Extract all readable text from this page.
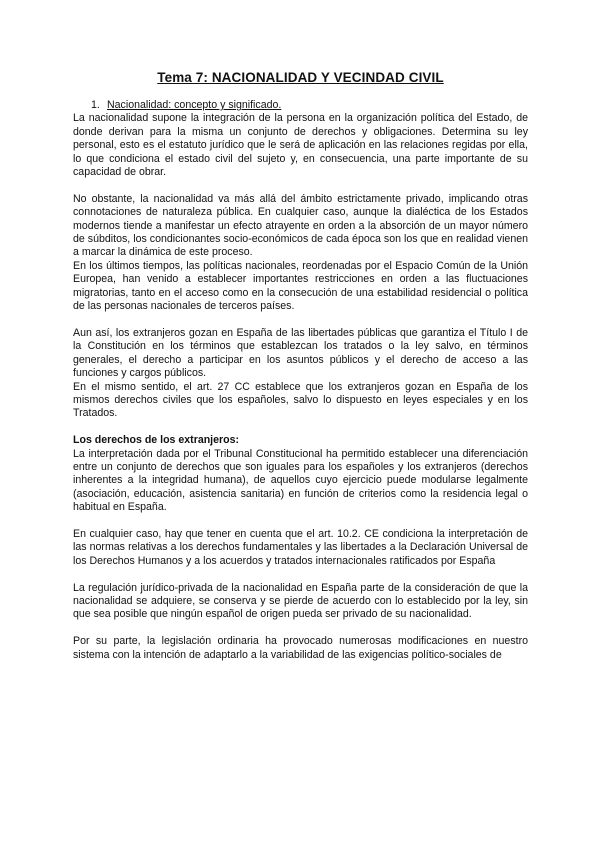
Tema 7: NACIONALIDAD Y VECINDAD CIVIL
1. Nacionalidad: concepto y significado.

La nacionalidad supone la integración de la persona en la organización política del Estado, de donde derivan para la misma un conjunto de derechos y obligaciones. Determina su ley personal, esto es el estatuto jurídico que le será de aplicación en las relaciones regidas por ella, lo que condiciona el estado civil del sujeto y, en consecuencia, una parte importante de su capacidad de obrar.

No obstante, la nacionalidad va más allá del ámbito estrictamente privado, implicando otras connotaciones de naturaleza pública. En cualquier caso, aunque la dialéctica de los Estados modernos tiende a manifestar un efecto atrayente en orden a la absorción de un mayor número de súbditos, los condicionantes socio-económicos de cada época son los que en realidad vienen a marcar la dinámica de este proceso.

En los últimos tiempos, las políticas nacionales, reordenadas por el Espacio Común de la Unión Europea, han venido a establecer importantes restricciones en orden a las fluctuaciones migratorias, tanto en el acceso como en la consecución de una estabilidad residencial o política de las personas nacionales de terceros países.

Aun así, los extranjeros gozan en España de las libertades públicas que garantiza el Título I de la Constitución en los términos que establezcan los tratados o la ley salvo, en términos generales, el derecho a participar en los asuntos públicos y el derecho de acceso a las funciones y cargos públicos.

En el mismo sentido, el art. 27 CC establece que los extranjeros gozan en España de los mismos derechos civiles que los españoles, salvo lo dispuesto en leyes especiales y en los Tratados.

Los derechos de los extranjeros:

La interpretación dada por el Tribunal Constitucional ha permitido establecer una diferenciación entre un conjunto de derechos que son iguales para los españoles y los extranjeros (derechos inherentes a la integridad humana), de aquellos cuyo ejercicio puede modularse legalmente (asociación, educación, asistencia sanitaria) en función de criterios como la residencia legal o habitual en España.

En cualquier caso, hay que tener en cuenta que el art. 10.2. CE condiciona la interpretación de las normas relativas a los derechos fundamentales y las libertades a la Declaración Universal de los Derechos Humanos y a los acuerdos y tratados internacionales ratificados por España

La regulación jurídico-privada de la nacionalidad en España parte de la consideración de que la nacionalidad se adquiere, se conserva y se pierde de acuerdo con lo establecido por la ley, sin que sea posible que ningún español de origen pueda ser privado de su nacionalidad.

Por su parte, la legislación ordinaria ha provocado numerosas modificaciones en nuestro sistema con la intención de adaptarlo a la variabilidad de las exigencias político-sociales de
